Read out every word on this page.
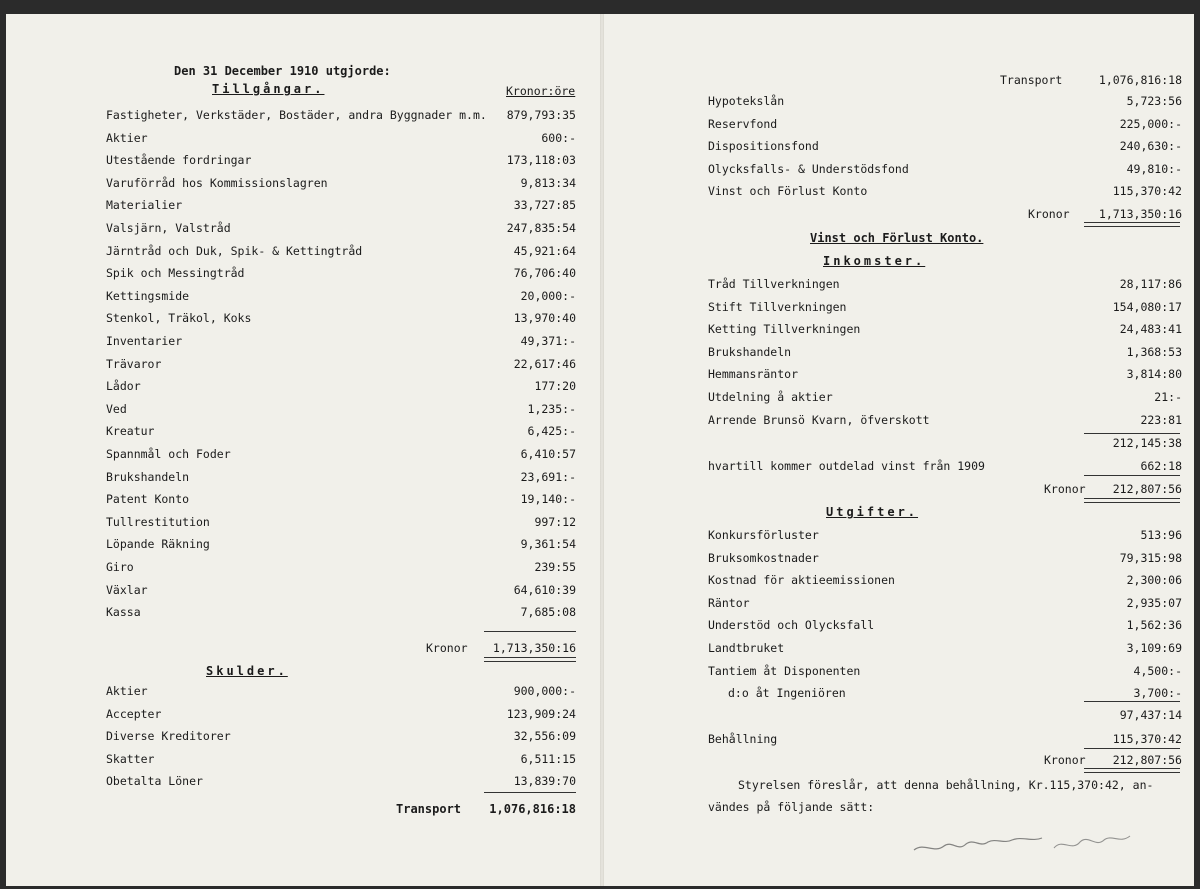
Den 31 December 1910 utgjorde:
Tillgångar.	Kronor:öre
Fastigheter, Verkstäder, Bostäder, andra Byggnader m.m.	879,793:35
Aktier	600:-
Utestående fordringar	173,118:03
Varuförråd hos Kommissionslagren	9,813:34
Materialier	33,727:85
Valsjärn, Valstråd	247,835:54
Järntråd och Duk, Spik- & Kettingtråd	45,921:64
Spik och Messingtråd	76,706:40
Kettingsmide	20,000:-
Stenkol, Träkol, Koks	13,970:40
Inventarier	49,371:-
Trävaror	22,617:46
Lådor	177:20
Ved	1,235:-
Kreatur	6,425:-
Spannmål och Foder	6,410:57
Brukshandeln	23,691:-
Patent Konto	19,140:-
Tullrestitution	997:12
Löpande Räkning	9,361:54
Giro	239:55
Växlar	64,610:39
Kassa	7,685:08
Kronor	1,713,350:16
Skulder.
Aktier	900,000:-
Accepter	123,909:24
Diverse Kreditorer	32,556:09
Skatter	6,511:15
Obetalta Löner	13,839:70
Transport	1,076,816:18
Transport	1,076,816:18
Hypotekslån	5,723:56
Reservfond	225,000:-
Dispositionsfond	240,630:-
Olycksfalls- & Understödsfond	49,810:-
Vinst och Förlust Konto	115,370:42
Kronor	1,713,350:16
Vinst och Förlust Konto.
Inkomster.
Tråd Tillverkningen	28,117:86
Stift Tillverkningen	154,080:17
Ketting Tillverkningen	24,483:41
Brukshandeln	1,368:53
Hemmansräntor	3,814:80
Utdelning å aktier	21:-
Arrende Brunsö Kvarn, öfverskott	223:81
212,145:38
hvartill kommer outdelad vinst från 1909	662:18
Kronor	212,807:56
Utgifter.
Konkursförluster	513:96
Bruksomkostnader	79,315:98
Kostnad för aktieemissionen	2,300:06
Räntor	2,935:07
Understöd och Olycksfall	1,562:36
Landtbruket	3,109:69
Tantiem åt Disponenten	4,500:-
d:o åt Ingeniören	3,700:-
97,437:14
Behållning	115,370:42
Kronor	212,807:56
Styrelsen föreslår, att denna behållning, Kr.115,370:42, an-
vändes på följande sätt:
